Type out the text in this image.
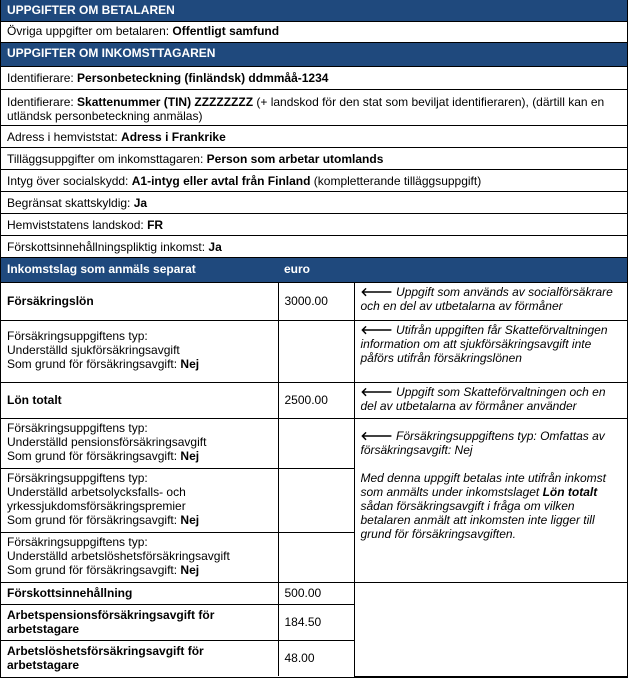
UPPGIFTER OM BETALAREN
Övriga uppgifter om betalaren: Offentligt samfund
UPPGIFTER OM INKOMSTTAGAREN
Identifierare: Personbeteckning (finländsk) ddmmåå-1234
Identifierare: Skattenummer (TIN) ZZZZZZZZ (+ landskod för den stat som beviljat identifieraren), (därtill kan en utländsk personbeteckning anmälas)
Adress i hemviststat: Adress i Frankrike
Tilläggsuppgifter om inkomsttagaren: Person som arbetar utomlands
Intyg över socialskydd: A1-intyg eller avtal från Finland (kompletterande tilläggsuppgift)
Begränsat skattskyldig: Ja
Hemviststatens landskod: FR
Förskottsinnehållningspliktig inkomst: Ja
Inkomstslag som anmäls separat	euro	
Försäkringslön	3000.00	🡐 Uppgift som används av socialförsäkrare och en del av utbetalarna av förmåner

Försäkringsuppgiftens typ:
Underställd sjukförsäkringsavgift
Som grund för försäkringsavgift: Nej		🡐 Utifrån uppgiften får Skatteförvaltningen information om att sjukförsäkringsavgift inte påförs utifrån försäkringslönen
Lön totalt	2500.00	🡐 Uppgift som Skatteförvaltningen och en del av utbetalarna av förmåner använder

Försäkringsuppgiftens typ:
Underställd pensionsförsäkringsavgift
Som grund för försäkringsavgift: Nej

🡐 Försäkringsuppgiftens typ: Omfattas av försäkringsavgift: Nej
Med denna uppgift betalas inte utifrån inkomst som anmälts under inkomstslaget Lön totalt sådan försäkringsavgift i fråga om vilken betalaren anmält att inkomsten inte ligger till grund för försäkringsavgiften.

Försäkringsuppgiftens typ:
Underställd arbetsolycksfalls- och yrkessjukdomsförsäkringspremier
Som grund för försäkringsavgift: Nej		

Försäkringsuppgiftens typ:
Underställd arbetslöshetsförsäkringsavgift
Som grund för försäkringsavgift: Nej		

Förskottsinnehållning	500.00	
Arbetspensionsförsäkringsavgift för arbetstagare	184.50	
Arbetslöshetsförsäkringsavgift för arbetstagare	48.00	
